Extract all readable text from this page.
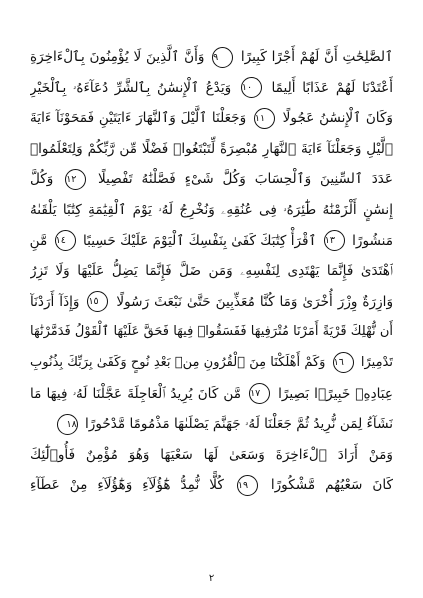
ٱلصَّٰلِحَٰتِ أَنَّ لَهُمْ أَجْرًا كَبِيرًا ٩ وَأَنَّ ٱلَّذِينَ لَا يُؤْمِنُونَ بِٱلْءَاخِرَةِ
أَعْتَدْنَا لَهُمْ عَذَابًا أَلِيمًا ١٠ وَيَدْعُ ٱلْإِنسَٰنُ بِٱلشَّرِّ دُعَآءَهُۥ بِٱلْخَيْرِ
وَكَانَ ٱلْإِنسَٰنُ عَجُولًا ١١ وَجَعَلْنَا ٱلَّيْلَ وَٱلنَّهَارَ ءَايَتَيْنِ فَمَحَوْنَآ ءَايَةَ
ٱلَّيْلِ وَجَعَلْنَآ ءَايَةَ ٱلنَّهَارِ مُبْصِرَةً لِّتَبْتَغُوا۟ فَضْلًا مِّن رَّبِّكُمْ وَلِتَعْلَمُوا۟
عَدَدَ ٱلسِّنِينَ وَٱلْحِسَابَ وَكُلَّ شَىْءٍ فَصَّلْنَٰهُ تَفْصِيلًا ١٢ وَكُلَّ
إِنسَٰنٍ أَلْزَمْنَٰهُ طَٰٓئِرَهُۥ فِى عُنُقِهِۦ وَنُخْرِجُ لَهُۥ يَوْمَ ٱلْقِيَٰمَةِ كِتَٰبًا يَلْقَىٰهُ
مَنشُورًا ١٣ ٱقْرَأْ كِتَٰبَكَ كَفَىٰ بِنَفْسِكَ ٱلْيَوْمَ عَلَيْكَ حَسِيبًا ١٤ مَّنِ
ٱهْتَدَىٰ فَإِنَّمَا يَهْتَدِى لِنَفْسِهِۦ وَمَن ضَلَّ فَإِنَّمَا يَضِلُّ عَلَيْهَا وَلَا تَزِرُ
وَازِرَةٌ وِزْرَ أُخْرَىٰ وَمَا كُنَّا مُعَذِّبِينَ حَتَّىٰ نَبْعَثَ رَسُولًا ١٥ وَإِذَآ أَرَدْنَآ
أَن نُّهْلِكَ قَرْيَةً أَمَرْنَا مُتْرَفِيهَا فَفَسَقُوا۟ فِيهَا فَحَقَّ عَلَيْهَا ٱلْقَوْلُ فَدَمَّرْنَٰهَا
تَدْمِيرًا ١٦ وَكَمْ أَهْلَكْنَا مِنَ ٱلْقُرُونِ مِنۢ بَعْدِ نُوحٍ وَكَفَىٰ بِرَبِّكَ بِذُنُوبِ
عِبَادِهِۦ خَبِيرًۢا بَصِيرًا ١٧ مَّن كَانَ يُرِيدُ ٱلْعَاجِلَةَ عَجَّلْنَا لَهُۥ فِيهَا مَا
نَشَآءُ لِمَن نُّرِيدُ ثُمَّ جَعَلْنَا لَهُۥ جَهَنَّمَ يَصْلَىٰهَا مَذْمُومًا مَّدْحُورًا ١٨
وَمَنْ أَرَادَ ٱلْءَاخِرَةَ وَسَعَىٰ لَهَا سَعْيَهَا وَهُوَ مُؤْمِنٌ فَأُو۟لَٰٓئِكَ
كَانَ سَعْيُهُم مَّشْكُورًا ١٩ كُلًّا نُّمِدُّ هَٰٓؤُلَآءِ وَهَٰٓؤُلَآءِ مِنْ عَطَآءِ
٢
